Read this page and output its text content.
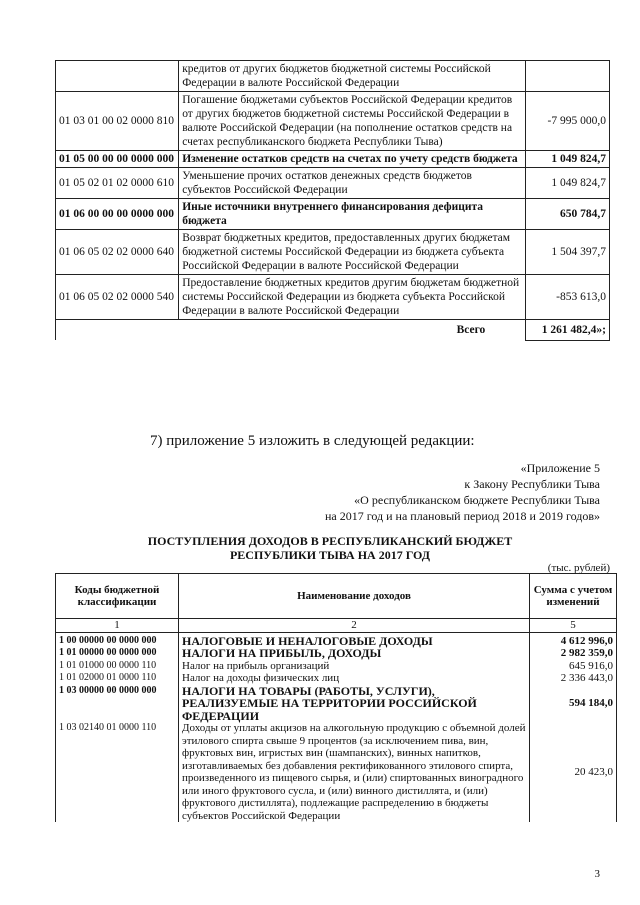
	кредитов от других бюджетов бюджетной системы Российской Федерации в валюте Российской Федерации	
01 03 01 00 02 0000 810	Погашение бюджетами субъектов Российской Федерации кредитов от других бюджетов бюджетной системы Российской Федерации в валюте Российской Федерации (на пополнение остатков средств на счетах республиканского бюджета Республики Тыва)	-7 995 000,0
01 05 00 00 00 0000 000	Изменение остатков средств на счетах по учету средств бюджета	1 049 824,7
01 05 02 01 02 0000 610	Уменьшение прочих остатков денежных средств бюджетов субъектов Российской Федерации	1 049 824,7
01 06 00 00 00 0000 000	Иные источники внутреннего финансирования дефицита бюджета	650 784,7
01 06 05 02 02 0000 640	Возврат бюджетных кредитов, предоставленных других бюджетам бюджетной системы Российской Федерации из бюджета субъекта Российской Федерации в валюте Российской Федерации	1 504 397,7
01 06 05 02 02 0000 540	Предоставление бюджетных кредитов другим бюджетам бюджетной системы Российской Федерации из бюджета субъекта Российской Федерации в валюте Российской Федерации	-853 613,0
	Всего	1 261 482,4»;
7) приложение 5 изложить в следующей редакции:
«Приложение 5
к Закону Республики Тыва
«О республиканском бюджете Республики Тыва
на 2017 год и на плановый период 2018 и 2019 годов»
ПОСТУПЛЕНИЯ ДОХОДОВ В РЕСПУБЛИКАНСКИЙ БЮДЖЕТ
РЕСПУБЛИКИ ТЫВА НА 2017 ГОД
(тыс. рублей)
Коды бюджетной классификации	Наименование доходов	Сумма с учетом изменений
1	2	5
1 00 00000 00 0000 000	НАЛОГОВЫЕ И НЕНАЛОГОВЫЕ ДОХОДЫ	4 612 996,0
1 01 00000 00 0000 000	НАЛОГИ НА ПРИБЫЛЬ, ДОХОДЫ	2 982 359,0
1 01 01000 00 0000 110	Налог на прибыль организаций	645 916,0
1 01 02000 01 0000 110	Налог на доходы физических лиц	2 336 443,0
1 03 00000 00 0000 000	НАЛОГИ НА ТОВАРЫ (РАБОТЫ, УСЛУГИ), РЕАЛИЗУЕМЫЕ НА ТЕРРИТОРИИ РОССИЙСКОЙ ФЕДЕРАЦИИ	594 184,0
1 03 02140 01 0000 110	Доходы от уплаты акцизов на алкогольную продукцию с объемной долей этилового спирта свыше 9 процентов (за исключением пива, вин, фруктовых вин, игристых вин (шампанских), винных напитков, изготавливаемых без добавления ректификованного этилового спирта, произведенного из пищевого сырья, и (или) спиртованных виноградного или иного фруктового сусла, и (или) винного дистиллята, и (или) фруктового дистиллята), подлежащие распределению в бюджеты субъектов Российской Федерации	20 423,0
3
